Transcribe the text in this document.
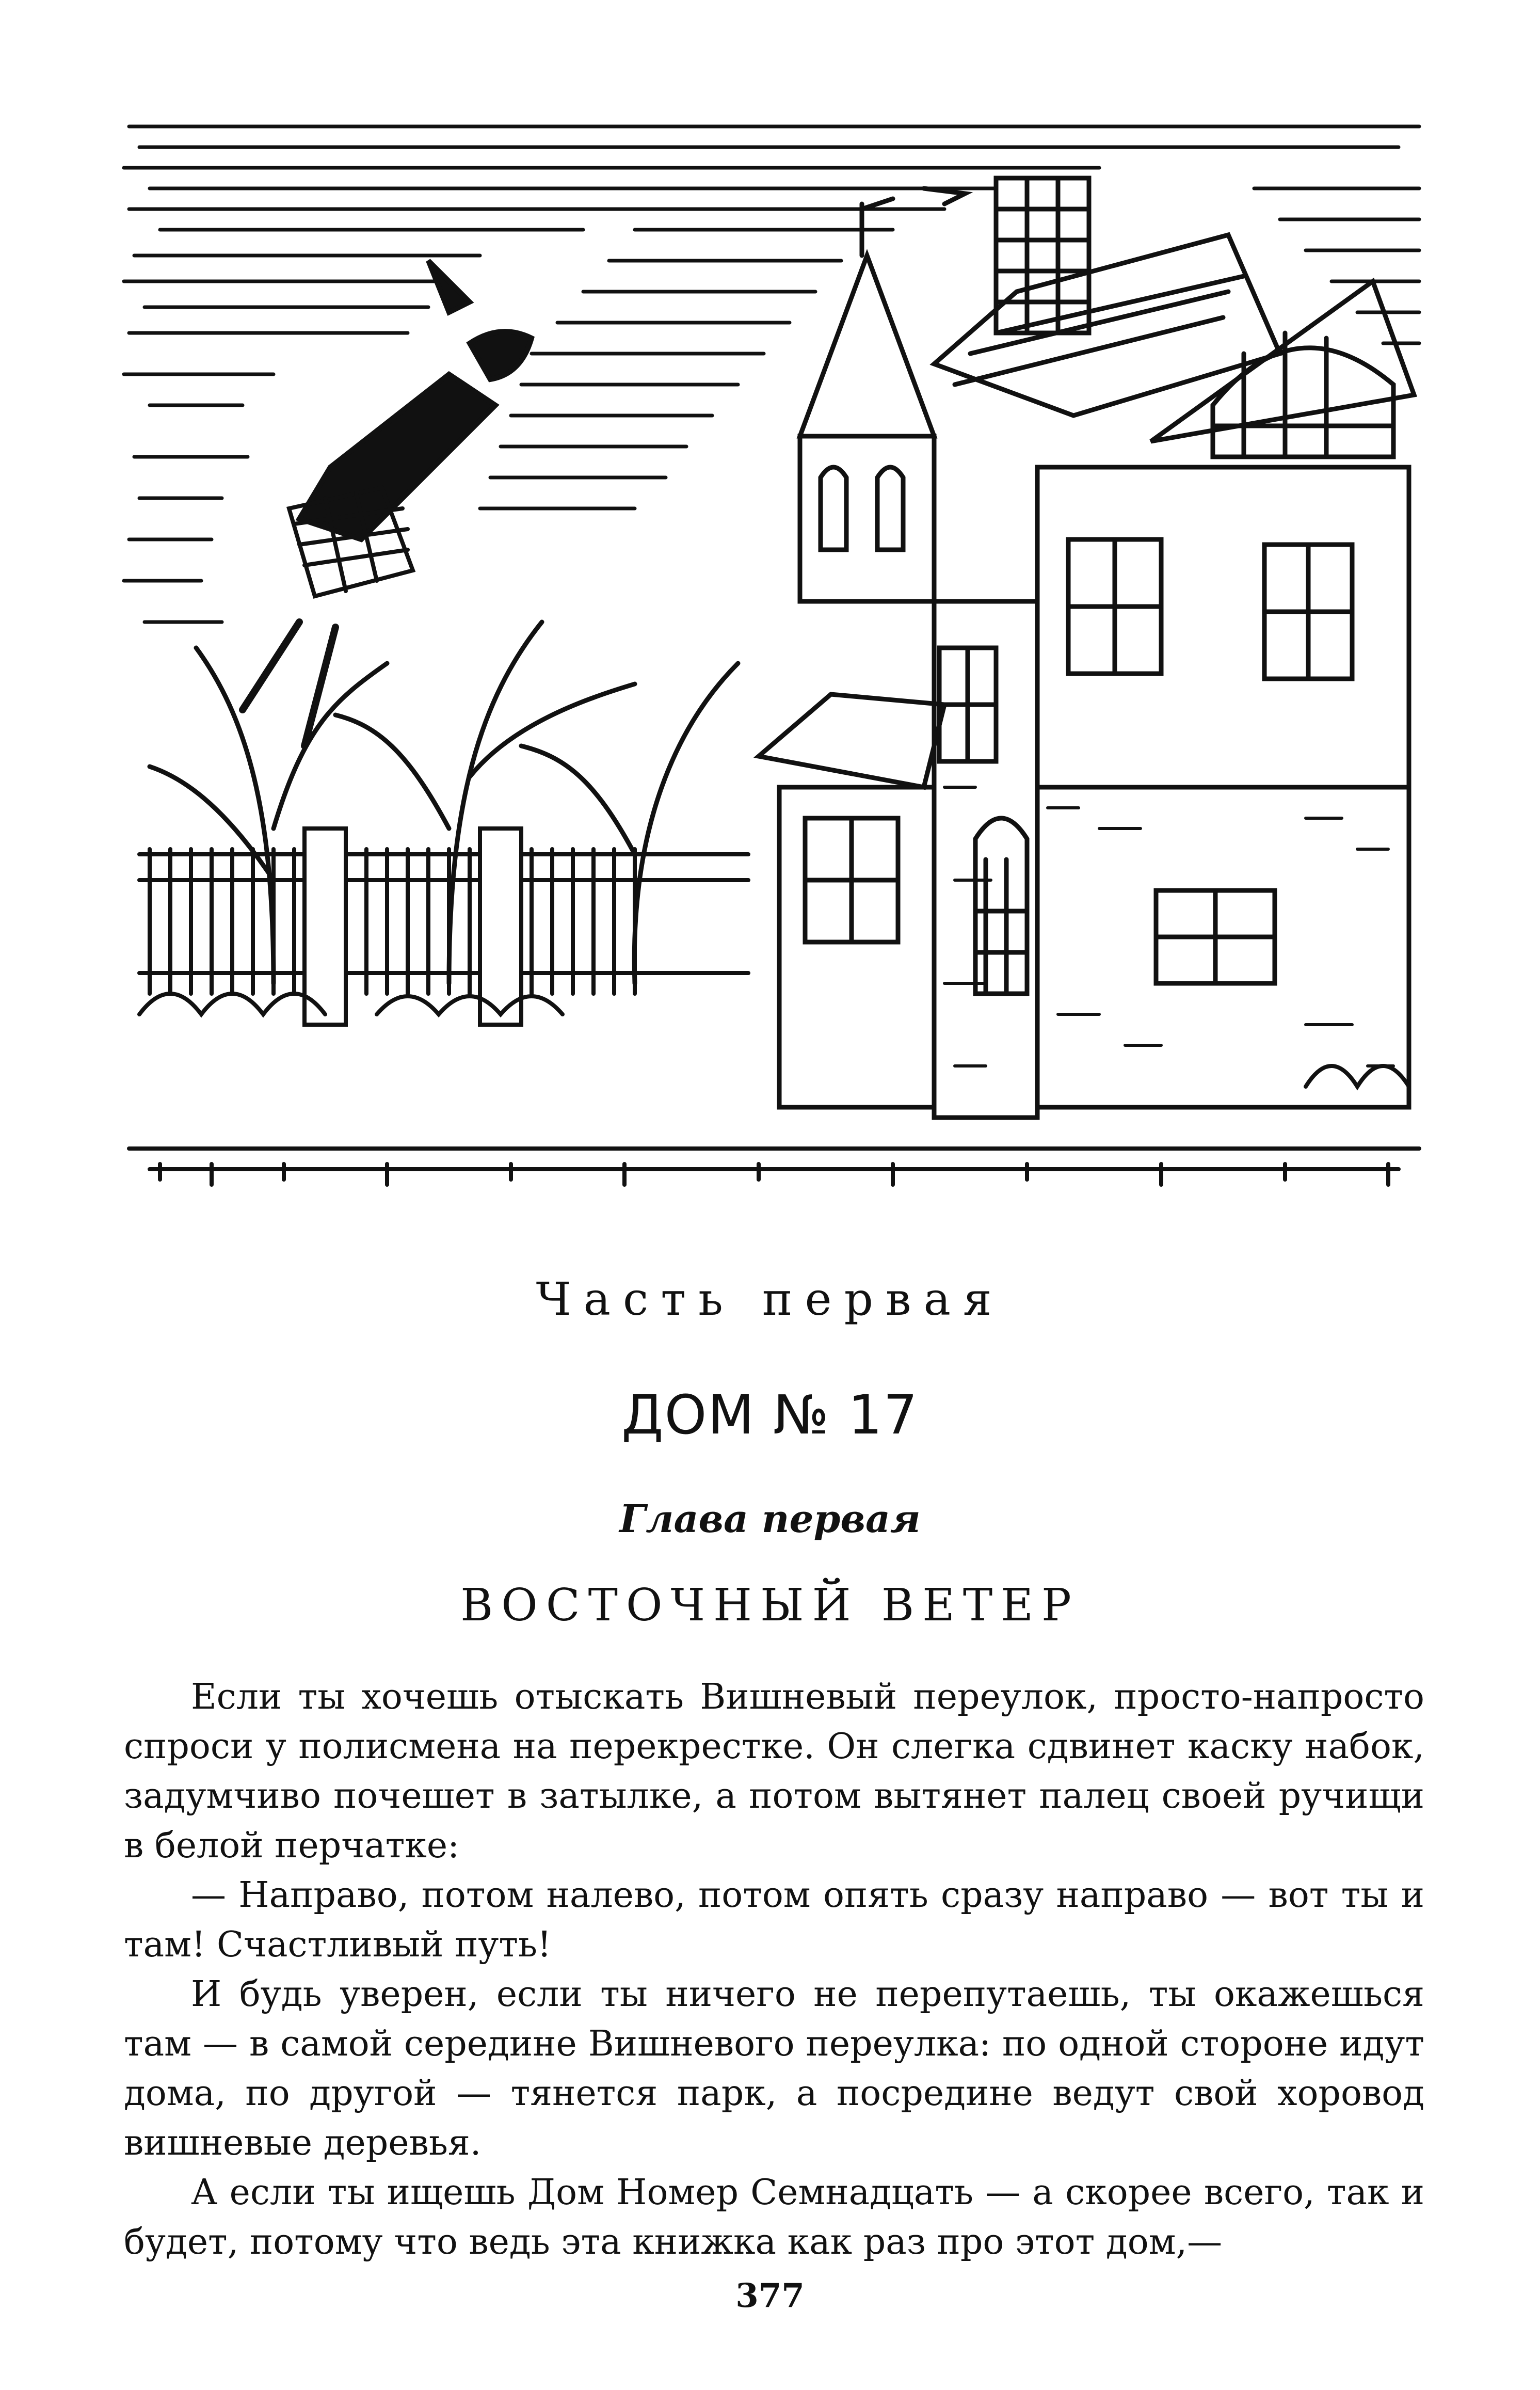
Часть первая
ДОМ № 17
Глава первая
ВОСТОЧНЫЙ ВЕТЕР

Если ты хочешь отыскать Вишневый переулок, просто-напросто спроси у полисмена на перекрестке. Он слегка сдвинет каску набок, задумчиво почешет в затылке, а потом вытянет палец своей ручищи в белой перчатке:

— Направо, потом налево, потом опять сразу направо — вот ты и там! Счастливый путь!

И будь уверен, если ты ничего не перепутаешь, ты окажешься там — в самой середине Вишневого переулка: по одной стороне идут дома, по другой — тянется парк, а посредине ведут свой хоровод вишневые деревья.

А если ты ищешь Дом Номер Семнадцать — а скорее всего, так и будет, потому что ведь эта книжка как раз про этот дом,—

377
